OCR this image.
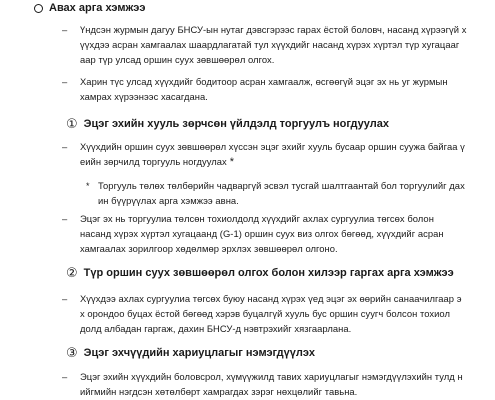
Авах арга хэмжээ
– Үндсэн журмын дагуу БНСУ-ын нутаг дэвсгэрээс гарах ёстой боловч, насанд хүрээгүй х
үүхдээ асран хамгаалах шаардлагатай тул хүүхдийг насанд хүрэх хүртэл түр хугацааг
аар түр улсад оршин суух зөвшөөрөл олгох.
– Харин түс улсад хүүхдийг бодитоор асран хамгаалж, өсгөөгүй эцэг эх нь уг журмын
хамрах хүрээнээс хасагдана.
① Эцэг эхийн хууль зөрчсөн үйлдэлд торгуулъ ногдуулах
– Хүүхдийн оршин суух зөвшөөрөл хүссэн эцэг эхийг хууль бусаар оршин суужа байгаа ү
еийн зөрчилд торгууль ногдуулах *
* Торгууль төлөх төлбөрийн чадваргүй эсвэл тусгай шалтгаантай бол торгуулийг дах
ин бүүрүүлах арга хэмжээ авна.
– Эцэг эх нь торгуулиа төлсөн тохиолдолд хүүхдийг ахлах сургуулиа төгсөх болон
насанд хүрэх хүртэл хугацаанд (G-1) оршин суух виз олгох бөгөөд, хүүхдийг асран
хамгаалах зорилгоор хөдөлмөр эрхлэх зөвшөөрөл олгоно.
② Түр оршин суух зөвшөөрөл олгох болон хилээр гаргах арга хэмжээ
– Хүүхдээ ахлах сургуулиа төгсөх буюу насанд хүрэх үед эцэг эх өөрийн санаачилгаар э
х орондоо буцах ёстой бөгөөд хэрэв буцалгүй хууль бус оршин суугч болсон тохиол
долд албадан гаргаж, дахин БНСУ-д нэвтрэхийг хязгаарлана.
③ Эцэг эхчүүдийн хариуцлагыг нэмэгдүүлэх
– Эцэг эхийн хүүхдийн боловсрол, хүмүүжилд тавих хариуцлагыг нэмэгдүүлэхийн тулд н
ийгмийн нэгдсэн хөтөлбөрт хамрагдах зэрэг нөхцөлийг тавьна.
